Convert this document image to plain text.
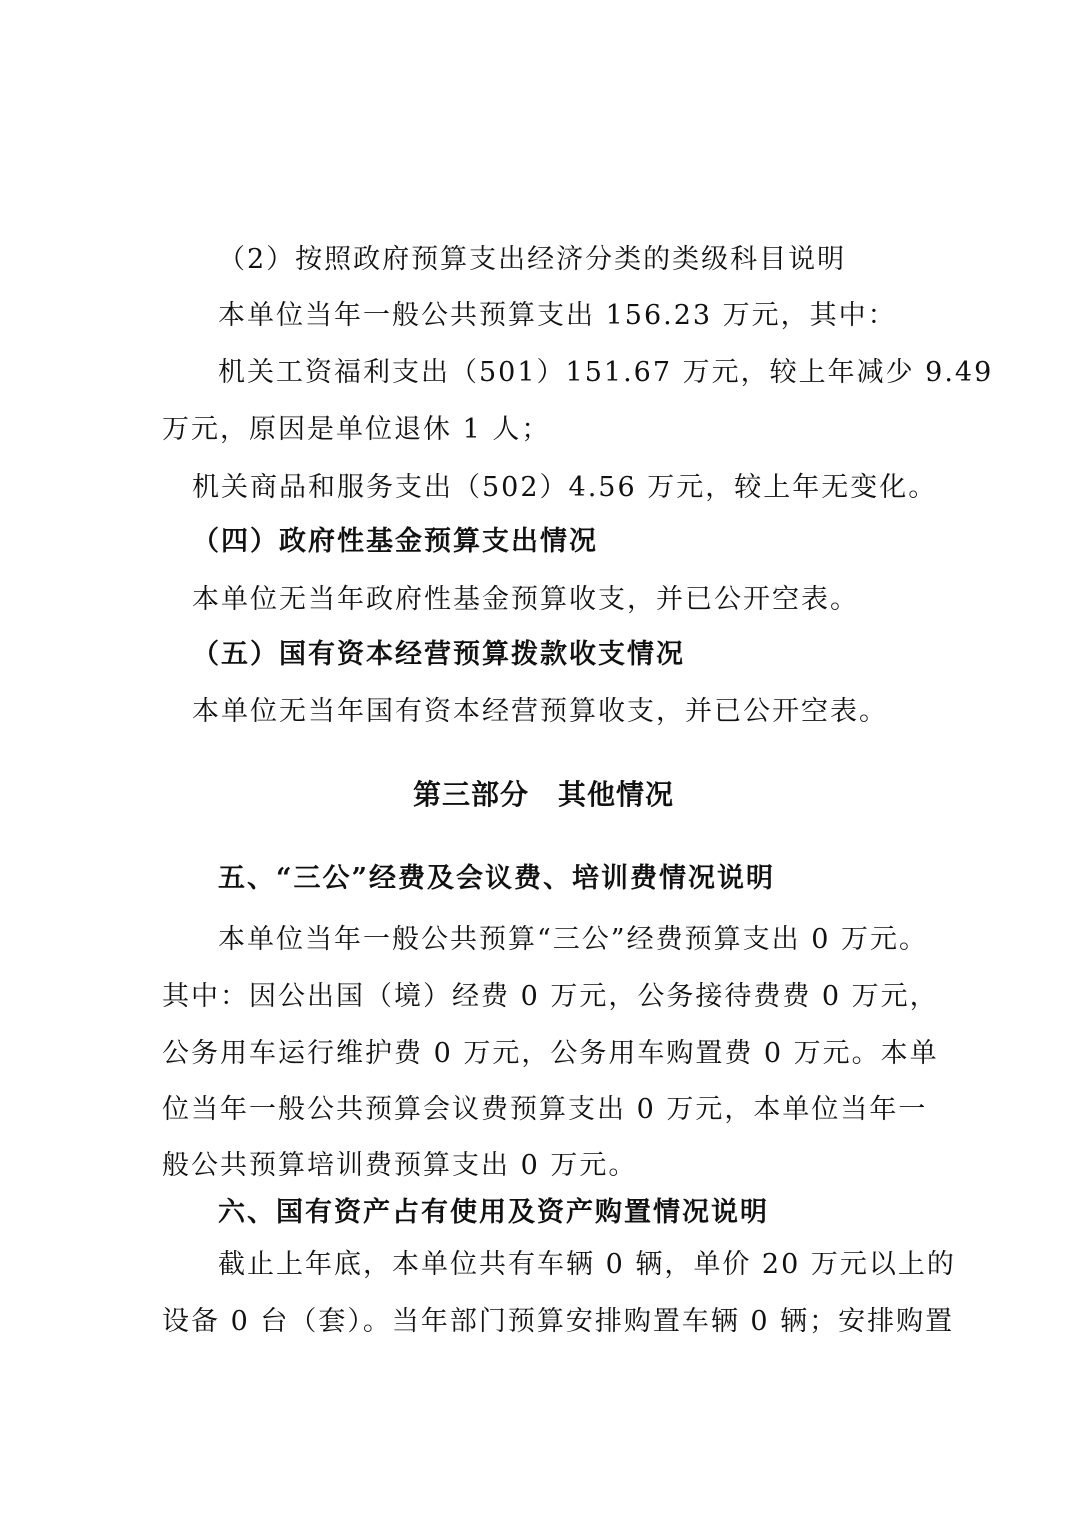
（2）按照政府预算支出经济分类的类级科目说明
本单位当年一般公共预算支出 156.23 万元，其中：
机关工资福利支出（501）151.67 万元，较上年减少 9.49
万元，原因是单位退休 1 人；
机关商品和服务支出（502）4.56 万元，较上年无变化。
（四）政府性基金预算支出情况
本单位无当年政府性基金预算收支，并已公开空表。
（五）国有资本经营预算拨款收支情况
本单位无当年国有资本经营预算收支，并已公开空表。
第三部分　其他情况
五、“三公”经费及会议费、培训费情况说明
本单位当年一般公共预算“三公”经费预算支出 0 万元。
其中：因公出国（境）经费 0 万元，公务接待费费 0 万元，
公务用车运行维护费 0 万元，公务用车购置费 0 万元。本单
位当年一般公共预算会议费预算支出 0 万元，本单位当年一
般公共预算培训费预算支出 0 万元。
六、国有资产占有使用及资产购置情况说明
截止上年底，本单位共有车辆 0 辆，单价 20 万元以上的
设备 0 台（套）。当年部门预算安排购置车辆 0 辆；安排购置
